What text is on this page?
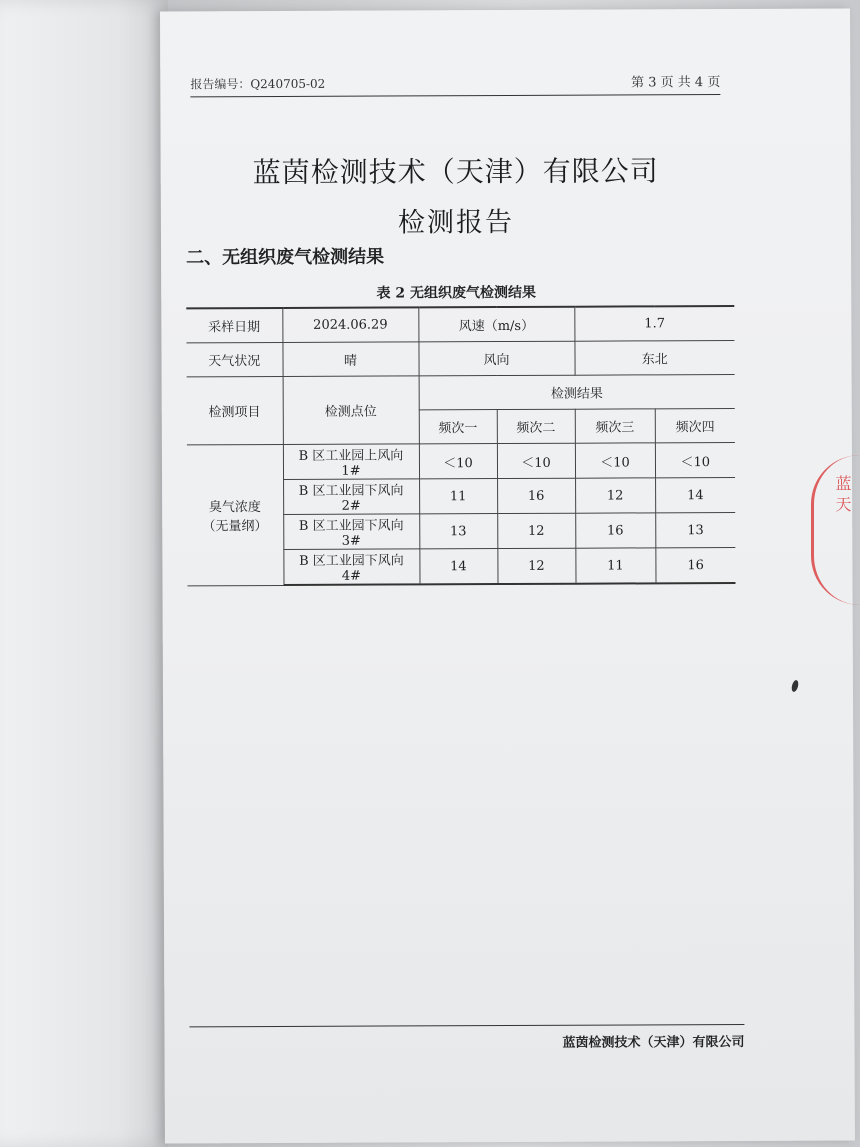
报告编号：Q240705-02	第 3 页 共 4 页
蓝茵检测技术（天津）有限公司
检测报告
二、无组织废气检测结果
表 2 无组织废气检测结果
采样日期	2024.06.29	风速（m/s）		1.7	
天气状况	晴	风向		东北	
检测项目	检测点位	检测结果			
		频次一	频次二	频次三	频次四

臭气浓度
（无量纲）	B 区工业园上风向 1#	＜10	＜10	＜10	＜10
	B 区工业园下风向 2#	11	16	12	14
	B 区工业园下风向 3#	13	12	16	13
	B 区工业园下风向 4#	14	12	11	16
蓝茵检测技术（天津）有限公司
蓝 天
